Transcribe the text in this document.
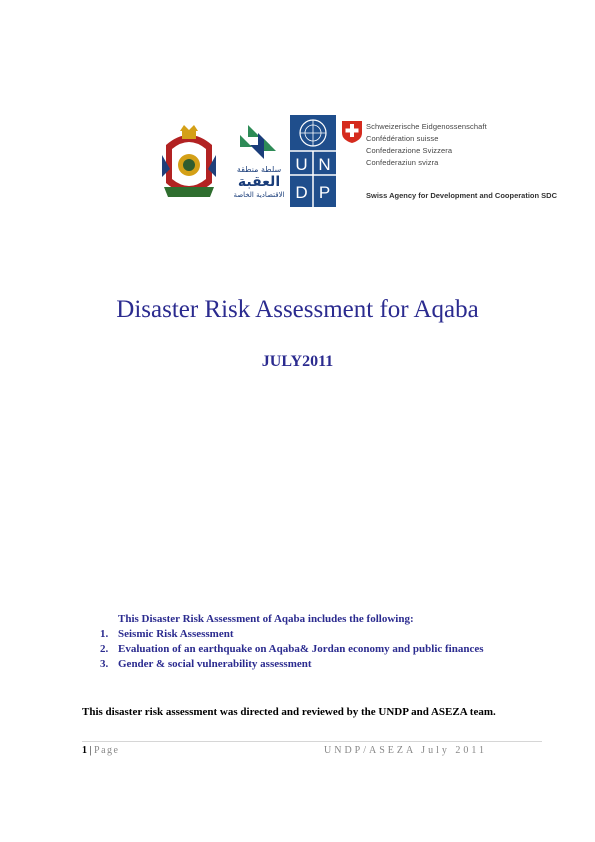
سلطة منطقة
العقبة
الاقتصادية الخاصة
U N
D P
Schweizerische Eidgenossenschaft
Confédération suisse
Confederazione Svizzera
Confederaziun svizra
Swiss Agency for Development and Cooperation SDC
Disaster Risk Assessment for Aqaba
JULY2011
This Disaster Risk Assessment of Aqaba includes the following:
1. Seismic Risk Assessment
2. Evaluation of an earthquake on Aqaba& Jordan economy and public finances
3. Gender & social vulnerability assessment
This disaster risk assessment was directed and reviewed by the UNDP and ASEZA team.
1 | Page	UNDP/ASEZA July 2011
